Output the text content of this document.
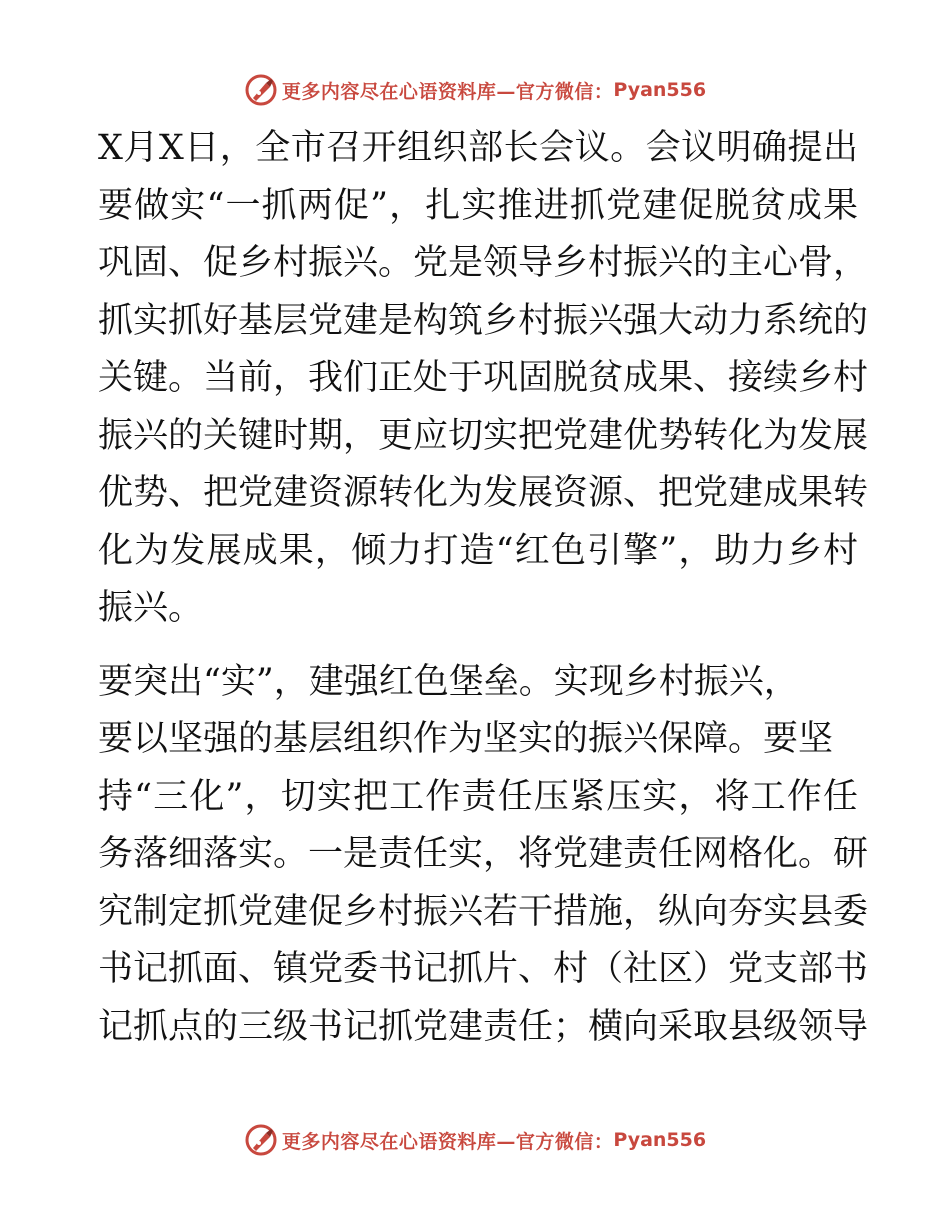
更多内容尽在心语资料库—官方微信： Pyan556
X月X日，全市召开组织部长会议。会议明确提出
要做实“一抓两促”，扎实推进抓党建促脱贫成果
巩固、促乡村振兴。党是领导乡村振兴的主心骨，
抓实抓好基层党建是构筑乡村振兴强大动力系统的
关键。当前，我们正处于巩固脱贫成果、接续乡村
振兴的关键时期，更应切实把党建优势转化为发展
优势、把党建资源转化为发展资源、把党建成果转
化为发展成果，倾力打造“红色引擎”，助力乡村
振兴。
要突出“实”，建强红色堡垒。实现乡村振兴，
要以坚强的基层组织作为坚实的振兴保障。要坚
持“三化”，切实把工作责任压紧压实，将工作任
务落细落实。一是责任实，将党建责任网格化。研
究制定抓党建促乡村振兴若干措施，纵向夯实县委
书记抓面、镇党委书记抓片、村（社区）党支部书
记抓点的三级书记抓党建责任；横向采取县级领导
更多内容尽在心语资料库—官方微信： Pyan556
